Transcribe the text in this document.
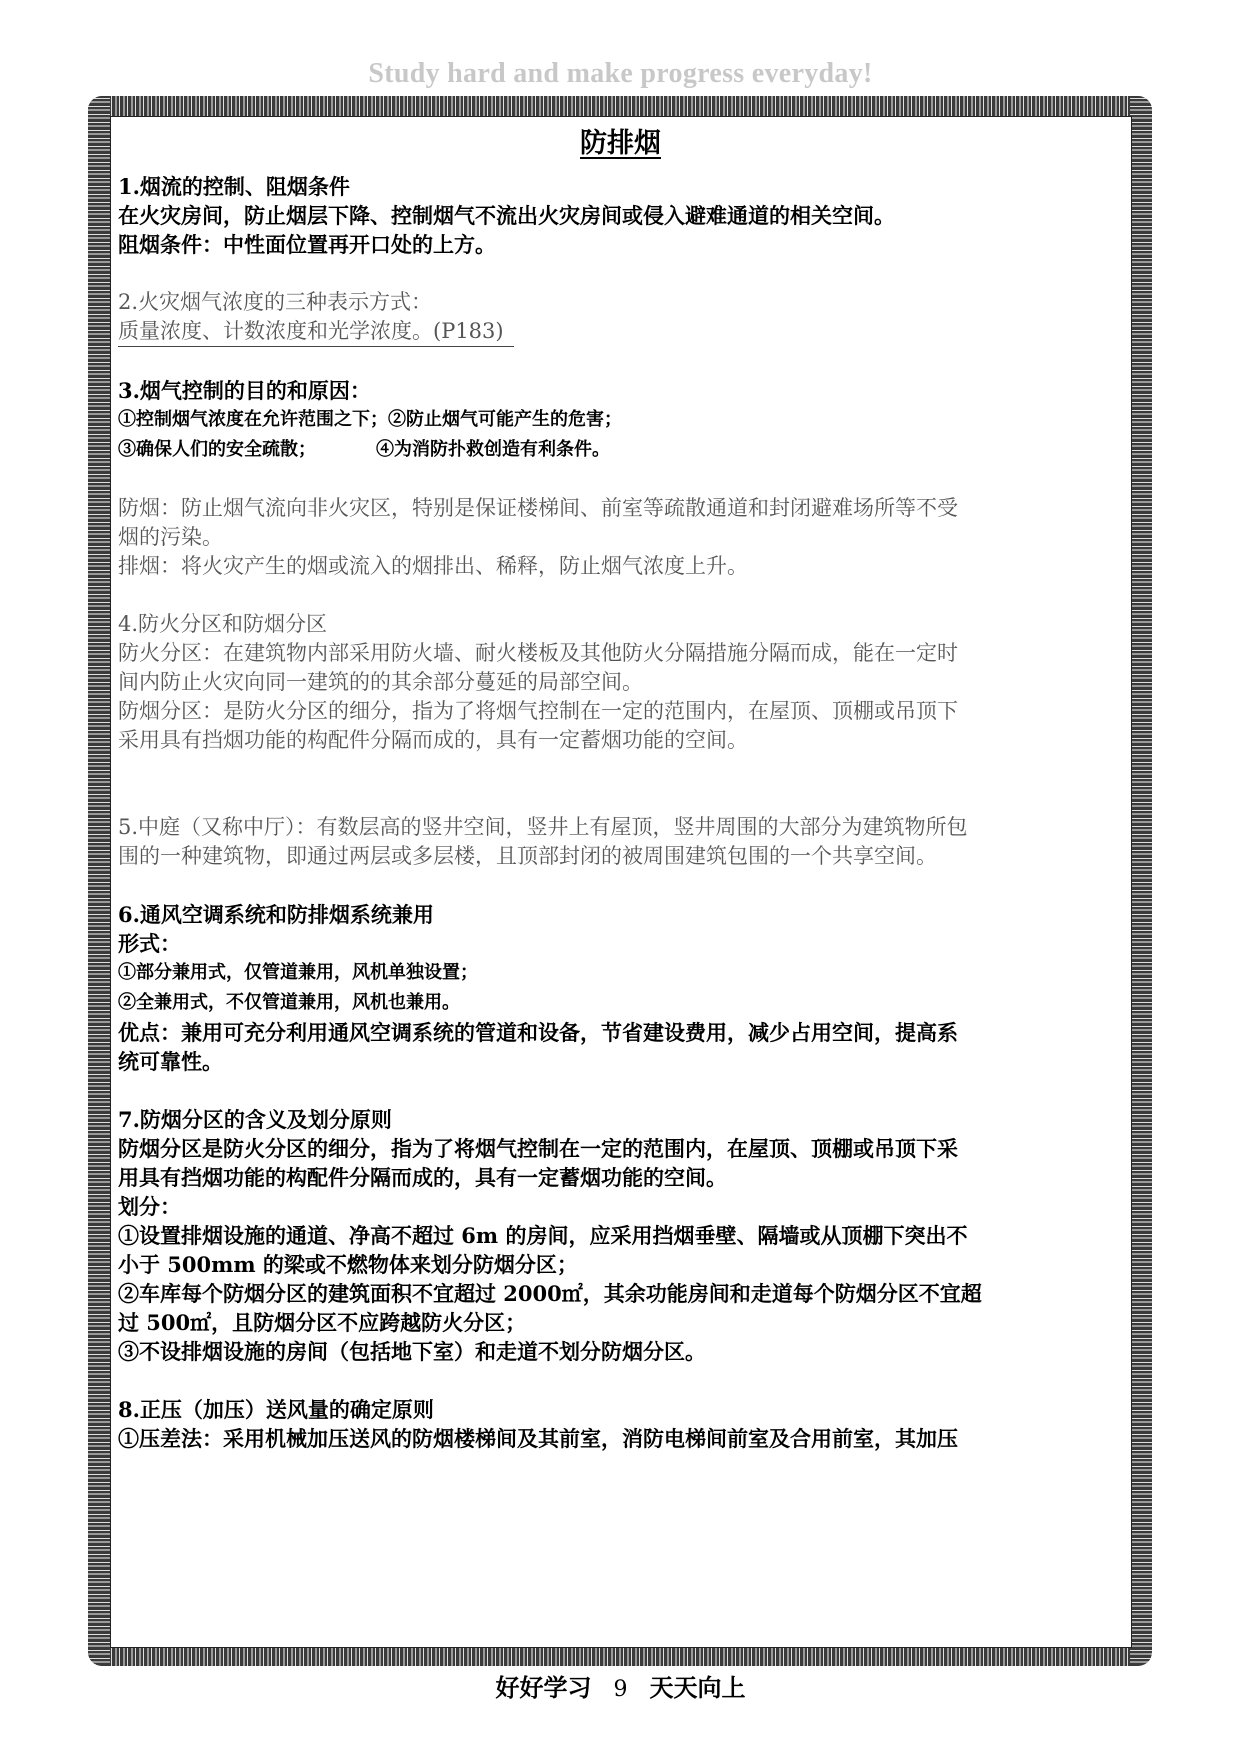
Study hard and make progress everyday!
防排烟

1.烟流的控制、阻烟条件

在火灾房间，防止烟层下降、控制烟气不流出火灾房间或侵入避难通道的相关空间。

阻烟条件：中性面位置再开口处的上方。

2.火灾烟气浓度的三种表示方式：

质量浓度、计数浓度和光学浓度。(P183)

3.烟气控制的目的和原因：

①控制烟气浓度在允许范围之下；②防止烟气可能产生的危害；

③确保人们的安全疏散；	④为消防扑救创造有利条件。

防烟：防止烟气流向非火灾区，特别是保证楼梯间、前室等疏散通道和封闭避难场所等不受

烟的污染。

排烟：将火灾产生的烟或流入的烟排出、稀释，防止烟气浓度上升。

4.防火分区和防烟分区

防火分区：在建筑物内部采用防火墙、耐火楼板及其他防火分隔措施分隔而成，能在一定时

间内防止火灾向同一建筑的的其余部分蔓延的局部空间。

防烟分区：是防火分区的细分，指为了将烟气控制在一定的范围内，在屋顶、顶棚或吊顶下

采用具有挡烟功能的构配件分隔而成的，具有一定蓄烟功能的空间。

5.中庭（又称中厅）：有数层高的竖井空间，竖井上有屋顶，竖井周围的大部分为建筑物所包

围的一种建筑物，即通过两层或多层楼，且顶部封闭的被周围建筑包围的一个共享空间。

6.通风空调系统和防排烟系统兼用

形式：

①部分兼用式，仅管道兼用，风机单独设置；

②全兼用式，不仅管道兼用，风机也兼用。

优点：兼用可充分利用通风空调系统的管道和设备，节省建设费用，减少占用空间，提高系

统可靠性。

7.防烟分区的含义及划分原则

防烟分区是防火分区的细分，指为了将烟气控制在一定的范围内，在屋顶、顶棚或吊顶下采

用具有挡烟功能的构配件分隔而成的，具有一定蓄烟功能的空间。

划分：

①设置排烟设施的通道、净高不超过 6m 的房间，应采用挡烟垂壁、隔墙或从顶棚下突出不

小于 500mm 的梁或不燃物体来划分防烟分区；

②车库每个防烟分区的建筑面积不宜超过 2000㎡，其余功能房间和走道每个防烟分区不宜超

过 500㎡，且防烟分区不应跨越防火分区；

③不设排烟设施的房间（包括地下室）和走道不划分防烟分区。

8.正压（加压）送风量的确定原则

①压差法：采用机械加压送风的防烟楼梯间及其前室，消防电梯间前室及合用前室，其加压

好好学习 9 天天向上
